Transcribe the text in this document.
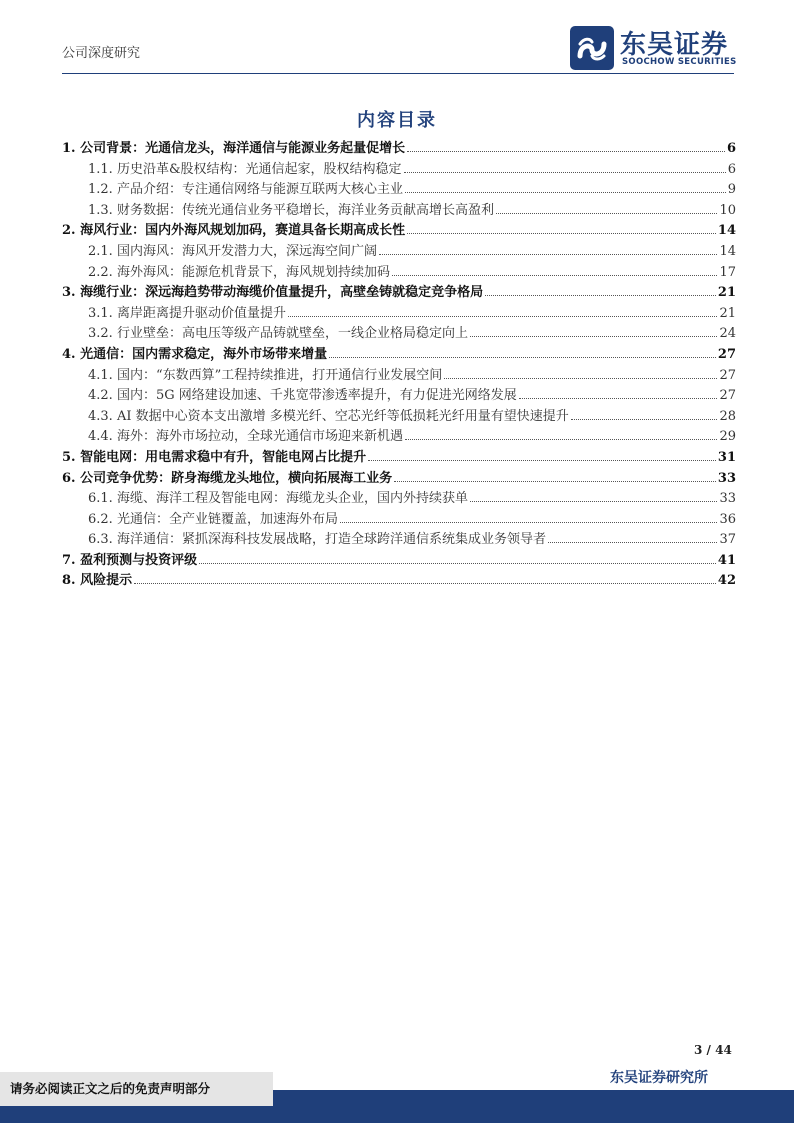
公司深度研究	东吴证券
SOOCHOW SECURITIES
内容目录
1. 公司背景：光通信龙头，海洋通信与能源业务起量促增长	6
1.1. 历史沿革&股权结构：光通信起家，股权结构稳定	6
1.2. 产品介绍：专注通信网络与能源互联两大核心主业	9
1.3. 财务数据：传统光通信业务平稳增长，海洋业务贡献高增长高盈利	10
2. 海风行业：国内外海风规划加码，赛道具备长期高成长性	14
2.1. 国内海风：海风开发潜力大，深远海空间广阔	14
2.2. 海外海风：能源危机背景下，海风规划持续加码	17
3. 海缆行业：深远海趋势带动海缆价值量提升，高壁垒铸就稳定竞争格局	21
3.1. 离岸距离提升驱动价值量提升	21
3.2. 行业壁垒：高电压等级产品铸就壁垒，一线企业格局稳定向上	24
4. 光通信：国内需求稳定，海外市场带来增量	27
4.1. 国内：“东数西算”工程持续推进，打开通信行业发展空间	27
4.2. 国内：5G 网络建设加速、千兆宽带渗透率提升，有力促进光网络发展	27
4.3. AI 数据中心资本支出激增 多模光纤、空芯光纤等低损耗光纤用量有望快速提升	28
4.4. 海外：海外市场拉动，全球光通信市场迎来新机遇	29
5. 智能电网：用电需求稳中有升，智能电网占比提升	31
6. 公司竞争优势：跻身海缆龙头地位，横向拓展海工业务	33
6.1. 海缆、海洋工程及智能电网：海缆龙头企业，国内外持续获单	33
6.2. 光通信：全产业链覆盖，加速海外布局	36
6.3. 海洋通信：紧抓深海科技发展战略，打造全球跨洋通信系统集成业务领导者	37
7. 盈利预测与投资评级	41
8. 风险提示	42
3 / 44
东吴证券研究所
请务必阅读正文之后的免责声明部分
